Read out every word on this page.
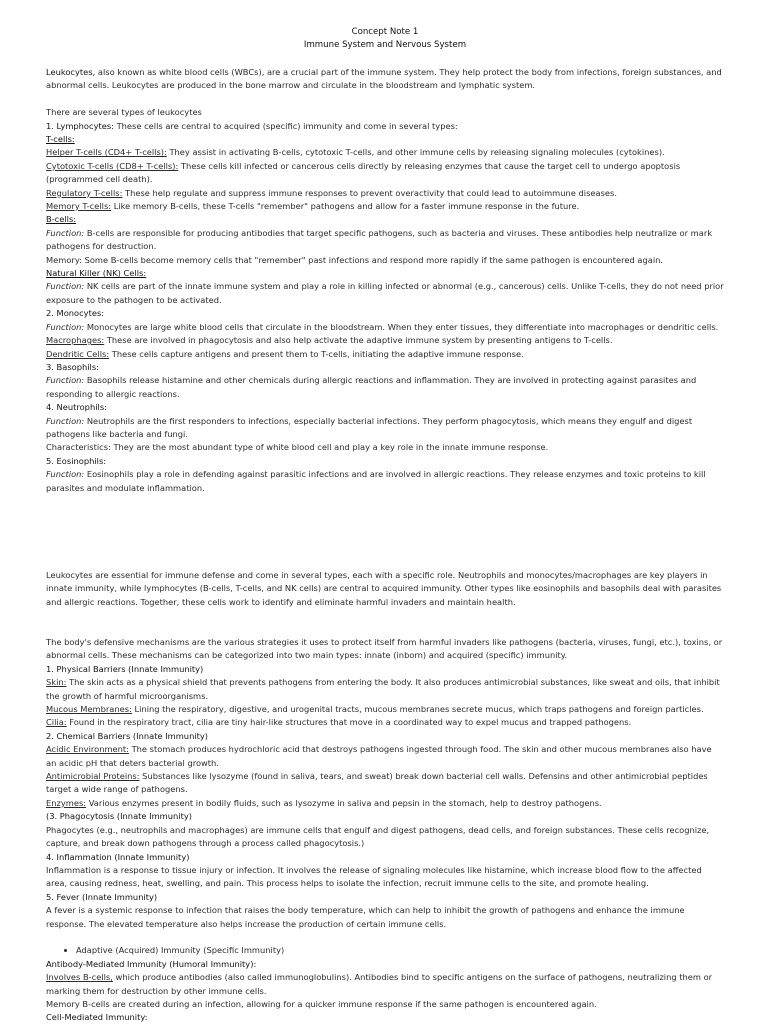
Concept Note 1
Immune System and Nervous System

Leukocytes, also known as white blood cells (WBCs), are a crucial part of the immune system. They help protect the body from infections, foreign substances, and abnormal cells. Leukocytes are produced in the bone marrow and circulate in the bloodstream and lymphatic system.

There are several types of leukocytes

1. Lymphocytes: These cells are central to acquired (specific) immunity and come in several types:

T-cells:

Helper T-cells (CD4+ T-cells): They assist in activating B-cells, cytotoxic T-cells, and other immune cells by releasing signaling molecules (cytokines).

Cytotoxic T-cells (CD8+ T-cells): These cells kill infected or cancerous cells directly by releasing enzymes that cause the target cell to undergo apoptosis (programmed cell death).

Regulatory T-cells: These help regulate and suppress immune responses to prevent overactivity that could lead to autoimmune diseases.

Memory T-cells: Like memory B-cells, these T-cells "remember" pathogens and allow for a faster immune response in the future.

B-cells:

Function: B-cells are responsible for producing antibodies that target specific pathogens, such as bacteria and viruses. These antibodies help neutralize or mark pathogens for destruction.

Memory: Some B-cells become memory cells that "remember" past infections and respond more rapidly if the same pathogen is encountered again.

Natural Killer (NK) Cells:

Function: NK cells are part of the innate immune system and play a role in killing infected or abnormal (e.g., cancerous) cells. Unlike T-cells, they do not need prior exposure to the pathogen to be activated.

2. Monocytes:

Function: Monocytes are large white blood cells that circulate in the bloodstream. When they enter tissues, they differentiate into macrophages or dendritic cells.

Macrophages: These are involved in phagocytosis and also help activate the adaptive immune system by presenting antigens to T-cells.

Dendritic Cells: These cells capture antigens and present them to T-cells, initiating the adaptive immune response.

3. Basophils:

Function: Basophils release histamine and other chemicals during allergic reactions and inflammation. They are involved in protecting against parasites and responding to allergic reactions.

4. Neutrophils:

Function: Neutrophils are the first responders to infections, especially bacterial infections. They perform phagocytosis, which means they engulf and digest pathogens like bacteria and fungi.

Characteristics: They are the most abundant type of white blood cell and play a key role in the innate immune response.

5. Eosinophils:

Function: Eosinophils play a role in defending against parasitic infections and are involved in allergic reactions. They release enzymes and toxic proteins to kill parasites and modulate inflammation.

Leukocytes are essential for immune defense and come in several types, each with a specific role. Neutrophils and monocytes/macrophages are key players in innate immunity, while lymphocytes (B-cells, T-cells, and NK cells) are central to acquired immunity. Other types like eosinophils and basophils deal with parasites and allergic reactions. Together, these cells work to identify and eliminate harmful invaders and maintain health.

The body's defensive mechanisms are the various strategies it uses to protect itself from harmful invaders like pathogens (bacteria, viruses, fungi, etc.), toxins, or abnormal cells. These mechanisms can be categorized into two main types: innate (inborn) and acquired (specific) immunity.

1. Physical Barriers (Innate Immunity)

Skin: The skin acts as a physical shield that prevents pathogens from entering the body. It also produces antimicrobial substances, like sweat and oils, that inhibit the growth of harmful microorganisms.

Mucous Membranes: Lining the respiratory, digestive, and urogenital tracts, mucous membranes secrete mucus, which traps pathogens and foreign particles.

Cilia: Found in the respiratory tract, cilia are tiny hair-like structures that move in a coordinated way to expel mucus and trapped pathogens.

2. Chemical Barriers (Innate Immunity)

Acidic Environment: The stomach produces hydrochloric acid that destroys pathogens ingested through food. The skin and other mucous membranes also have an acidic pH that deters bacterial growth.

Antimicrobial Proteins: Substances like lysozyme (found in saliva, tears, and sweat) break down bacterial cell walls. Defensins and other antimicrobial peptides target a wide range of pathogens.

Enzymes: Various enzymes present in bodily fluids, such as lysozyme in saliva and pepsin in the stomach, help to destroy pathogens.

(3. Phagocytosis (Innate Immunity)

Phagocytes (e.g., neutrophils and macrophages) are immune cells that engulf and digest pathogens, dead cells, and foreign substances. These cells recognize, capture, and break down pathogens through a process called phagocytosis.)

4. Inflammation (Innate Immunity)

Inflammation is a response to tissue injury or infection. It involves the release of signaling molecules like histamine, which increase blood flow to the affected area, causing redness, heat, swelling, and pain. This process helps to isolate the infection, recruit immune cells to the site, and promote healing.

5. Fever (Innate Immunity)

A fever is a systemic response to infection that raises the body temperature, which can help to inhibit the growth of pathogens and enhance the immune response. The elevated temperature also helps increase the production of certain immune cells.

• Adaptive (Acquired) Immunity (Specific Immunity)

Antibody-Mediated Immunity (Humoral Immunity):

Involves B-cells, which produce antibodies (also called immunoglobulins). Antibodies bind to specific antigens on the surface of pathogens, neutralizing them or marking them for destruction by other immune cells.

Memory B-cells are created during an infection, allowing for a quicker immune response if the same pathogen is encountered again.

Cell-Mediated Immunity:
